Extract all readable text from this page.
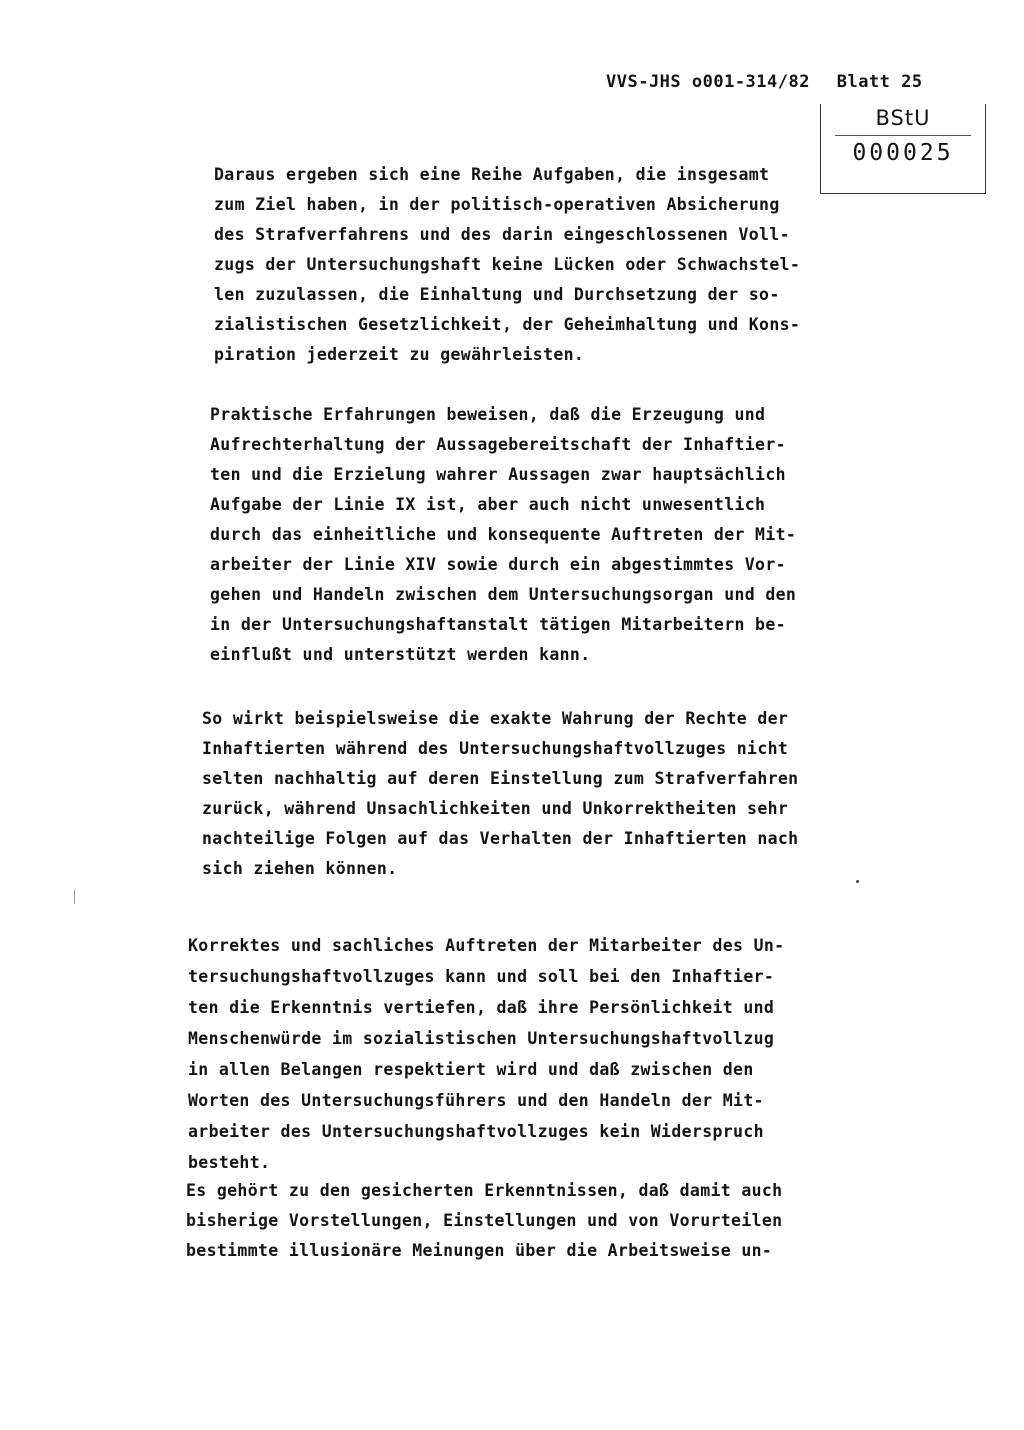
VVS-JHS o001-314/82 Blatt 25
BStU
000025
Daraus ergeben sich eine Reihe Aufgaben, die insgesamt
zum Ziel haben, in der politisch-operativen Absicherung
des Strafverfahrens und des darin eingeschlossenen Voll-
zugs der Untersuchungshaft keine Lücken oder Schwachstel-
len zuzulassen, die Einhaltung und Durchsetzung der so-
zialistischen Gesetzlichkeit, der Geheimhaltung und Kons-
piration jederzeit zu gewährleisten.
Praktische Erfahrungen beweisen, daß die Erzeugung und
Aufrechterhaltung der Aussagebereitschaft der Inhaftier-
ten und die Erzielung wahrer Aussagen zwar hauptsächlich
Aufgabe der Linie IX ist, aber auch nicht unwesentlich
durch das einheitliche und konsequente Auftreten der Mit-
arbeiter der Linie XIV sowie durch ein abgestimmtes Vor-
gehen und Handeln zwischen dem Untersuchungsorgan und den
in der Untersuchungshaftanstalt tätigen Mitarbeitern be-
einflußt und unterstützt werden kann.
So wirkt beispielsweise die exakte Wahrung der Rechte der
Inhaftierten während des Untersuchungshaftvollzuges nicht
selten nachhaltig auf deren Einstellung zum Strafverfahren
zurück, während Unsachlichkeiten und Unkorrektheiten sehr
nachteilige Folgen auf das Verhalten der Inhaftierten nach
sich ziehen können.
Korrektes und sachliches Auftreten der Mitarbeiter des Un-
tersuchungshaftvollzuges kann und soll bei den Inhaftier-
ten die Erkenntnis vertiefen, daß ihre Persönlichkeit und
Menschenwürde im sozialistischen Untersuchungshaftvollzug
in allen Belangen respektiert wird und daß zwischen den
Worten des Untersuchungsführers und den Handeln der Mit-
arbeiter des Untersuchungshaftvollzuges kein Widerspruch
besteht.
Es gehört zu den gesicherten Erkenntnissen, daß damit auch
bisherige Vorstellungen, Einstellungen und von Vorurteilen
bestimmte illusionäre Meinungen über die Arbeitsweise un-
